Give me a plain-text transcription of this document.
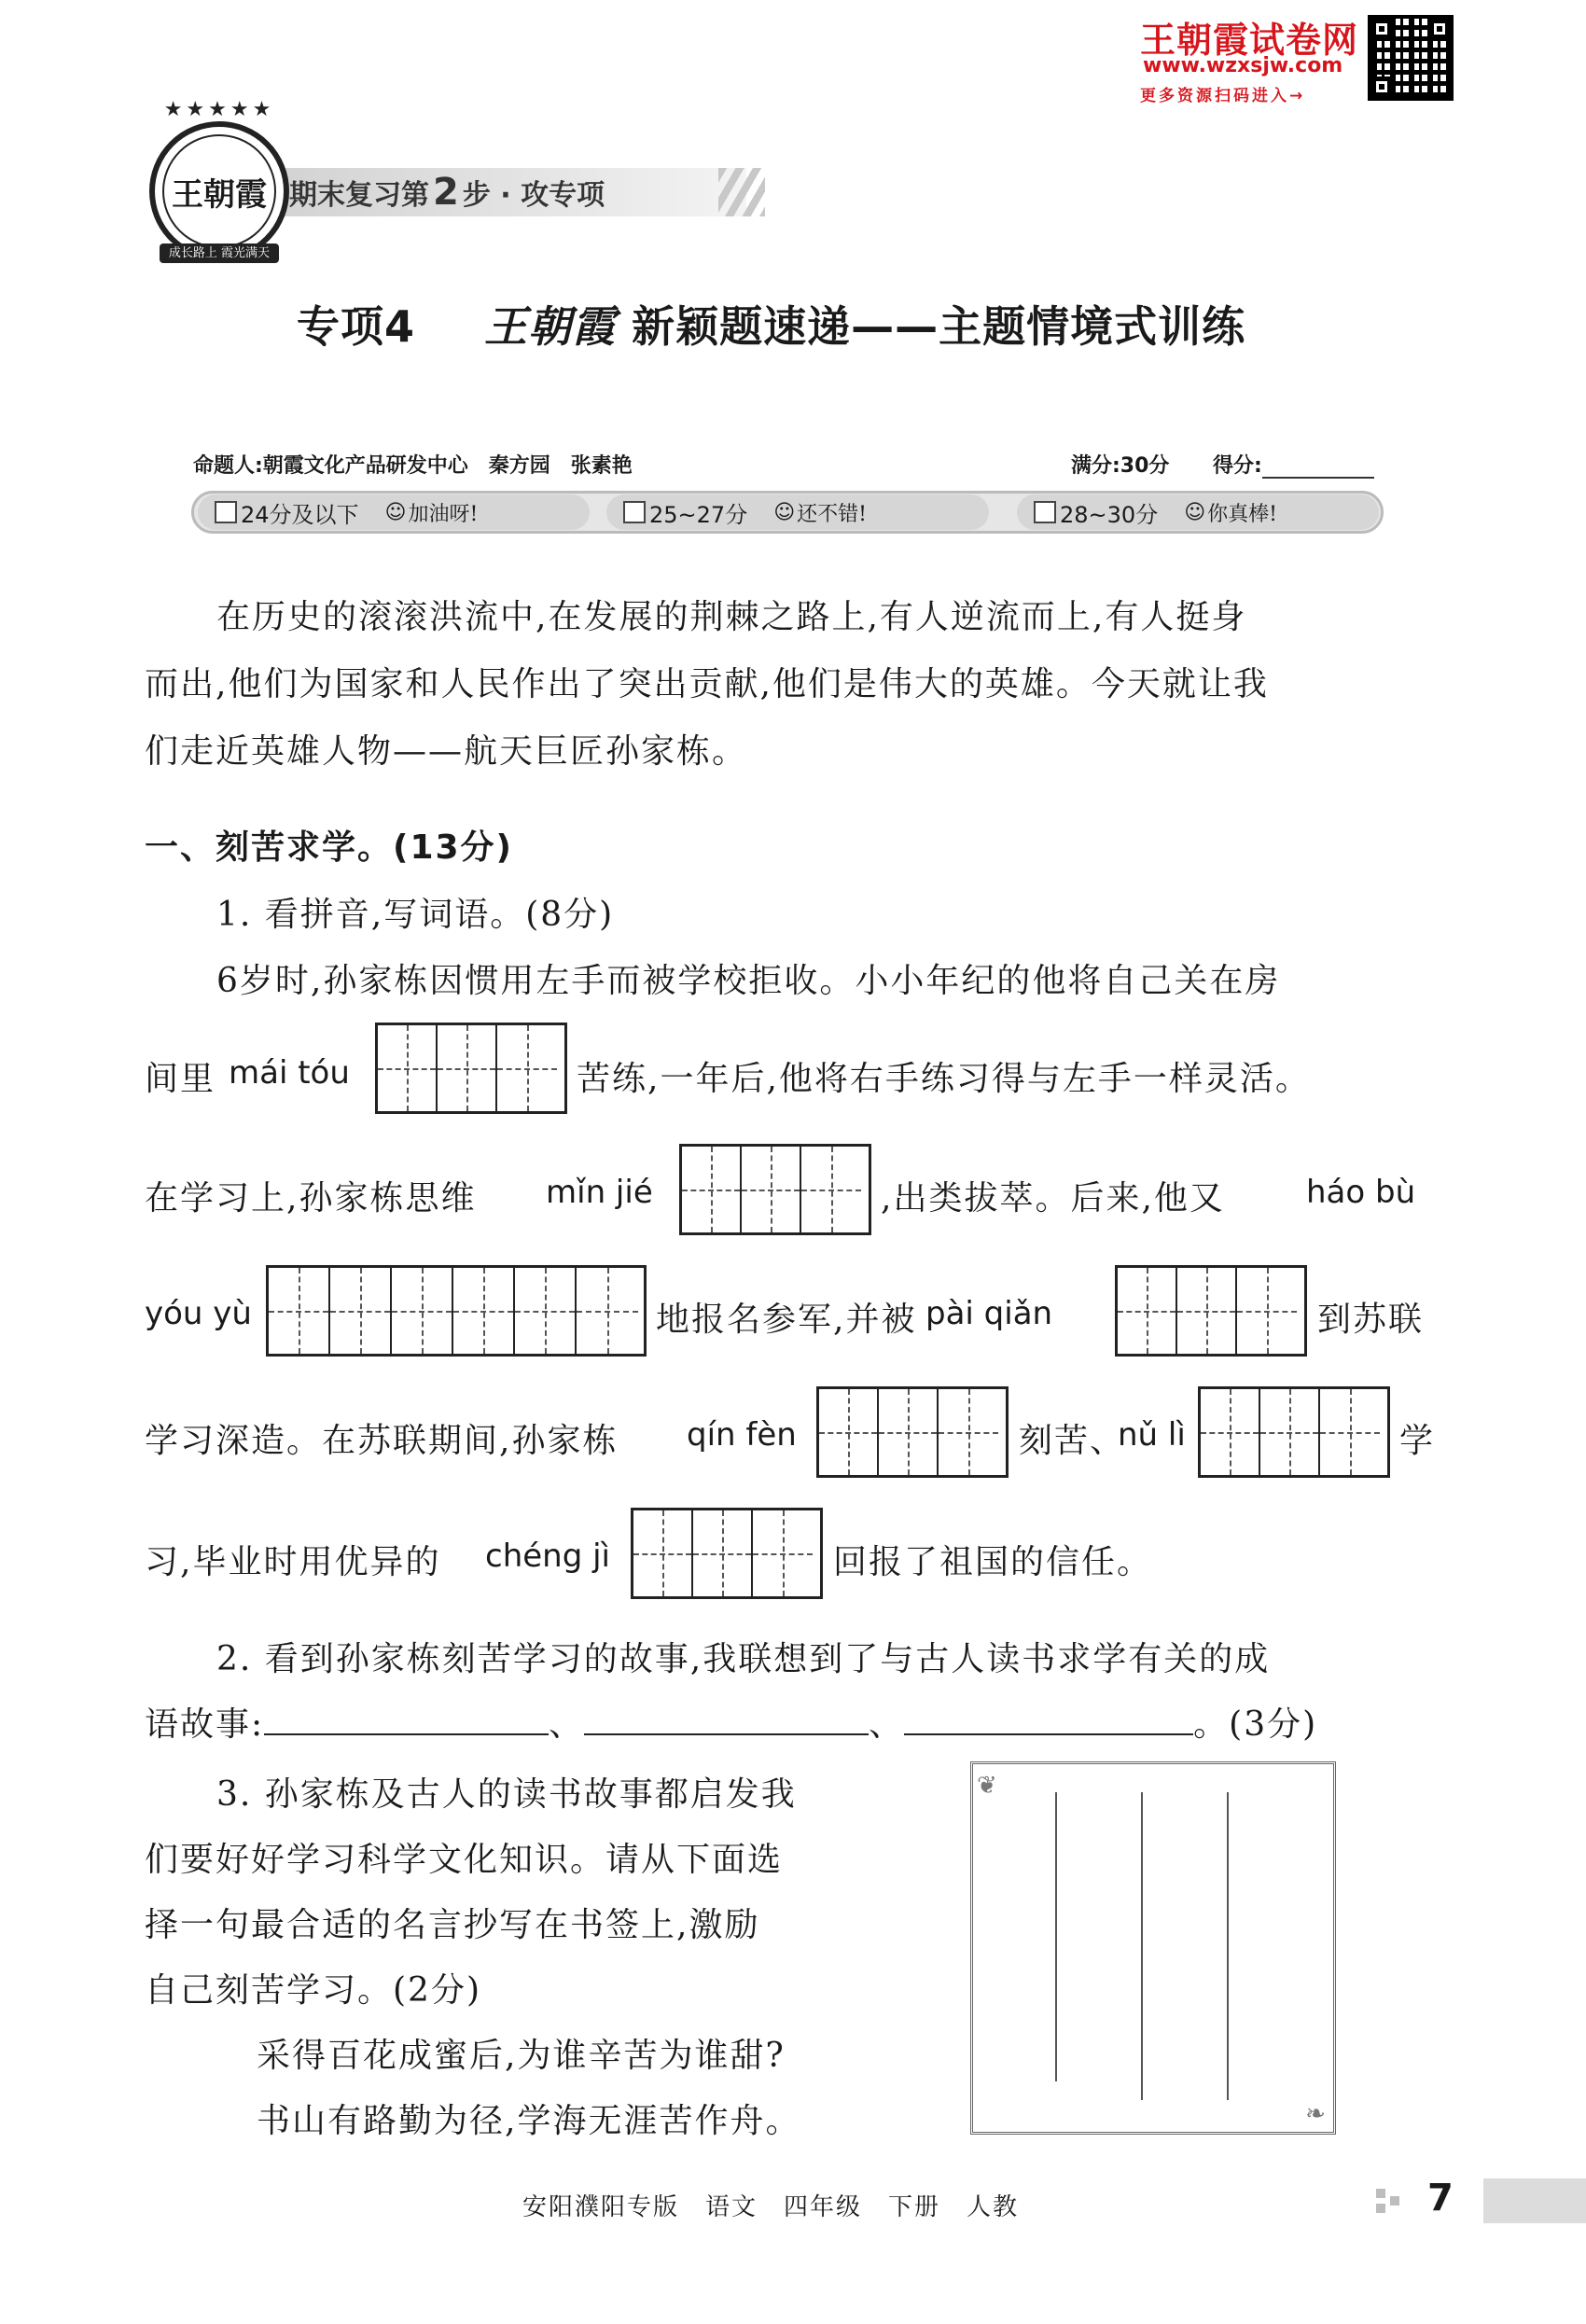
王朝霞试卷网
www.wzxsjw.com
更多资源扫码进入→
期末复习第 2 步 · 攻专项
★★★★★
王朝霞
成长路上 霞光满天
专项4 王朝霞 新颖题速递——主题情境式训练
命题人:朝霞文化产品研发中心　秦方园　张素艳	满分:30分 得分:
24分及以下 ☺ 加油呀!	25~27分 ☺ 还不错!	28~30分 ☺ 你真棒!
在历史的滚滚洪流中,在发展的荆棘之路上,有人逆流而上,有人挺身
而出,他们为国家和人民作出了突出贡献,他们是伟大的英雄。今天就让我
们走近英雄人物——航天巨匠孙家栋。
一、刻苦求学。(13分)
1. 看拼音,写词语。(8分)
6岁时,孙家栋因惯用左手而被学校拒收。小小年纪的他将自己关在房
间里 mái tóu	苦练,一年后,他将右手练习得与左手一样灵活。
在学习上,孙家栋思维 mǐn jié	,出类拔萃。后来,他又	háo bù
yóu yù	地报名参军,并被 pài qiǎn	到苏联
学习深造。在苏联期间,孙家栋 qín fèn	刻苦、
nǔ lì	学
习,毕业时用优异的 chéng jì	回报了祖国的信任。
2. 看到孙家栋刻苦学习的故事,我联想到了与古人读书求学有关的成
语故事:	、	、	。(3分)
3. 孙家栋及古人的读书故事都启发我
们要好好学习科学文化知识。请从下面选
择一句最合适的名言抄写在书签上,激励
自己刻苦学习。(2分)
采得百花成蜜后,为谁辛苦为谁甜?
书山有路勤为径,学海无涯苦作舟。
❦
❧
安阳濮阳专版　语文　四年级　下册　人教	7
